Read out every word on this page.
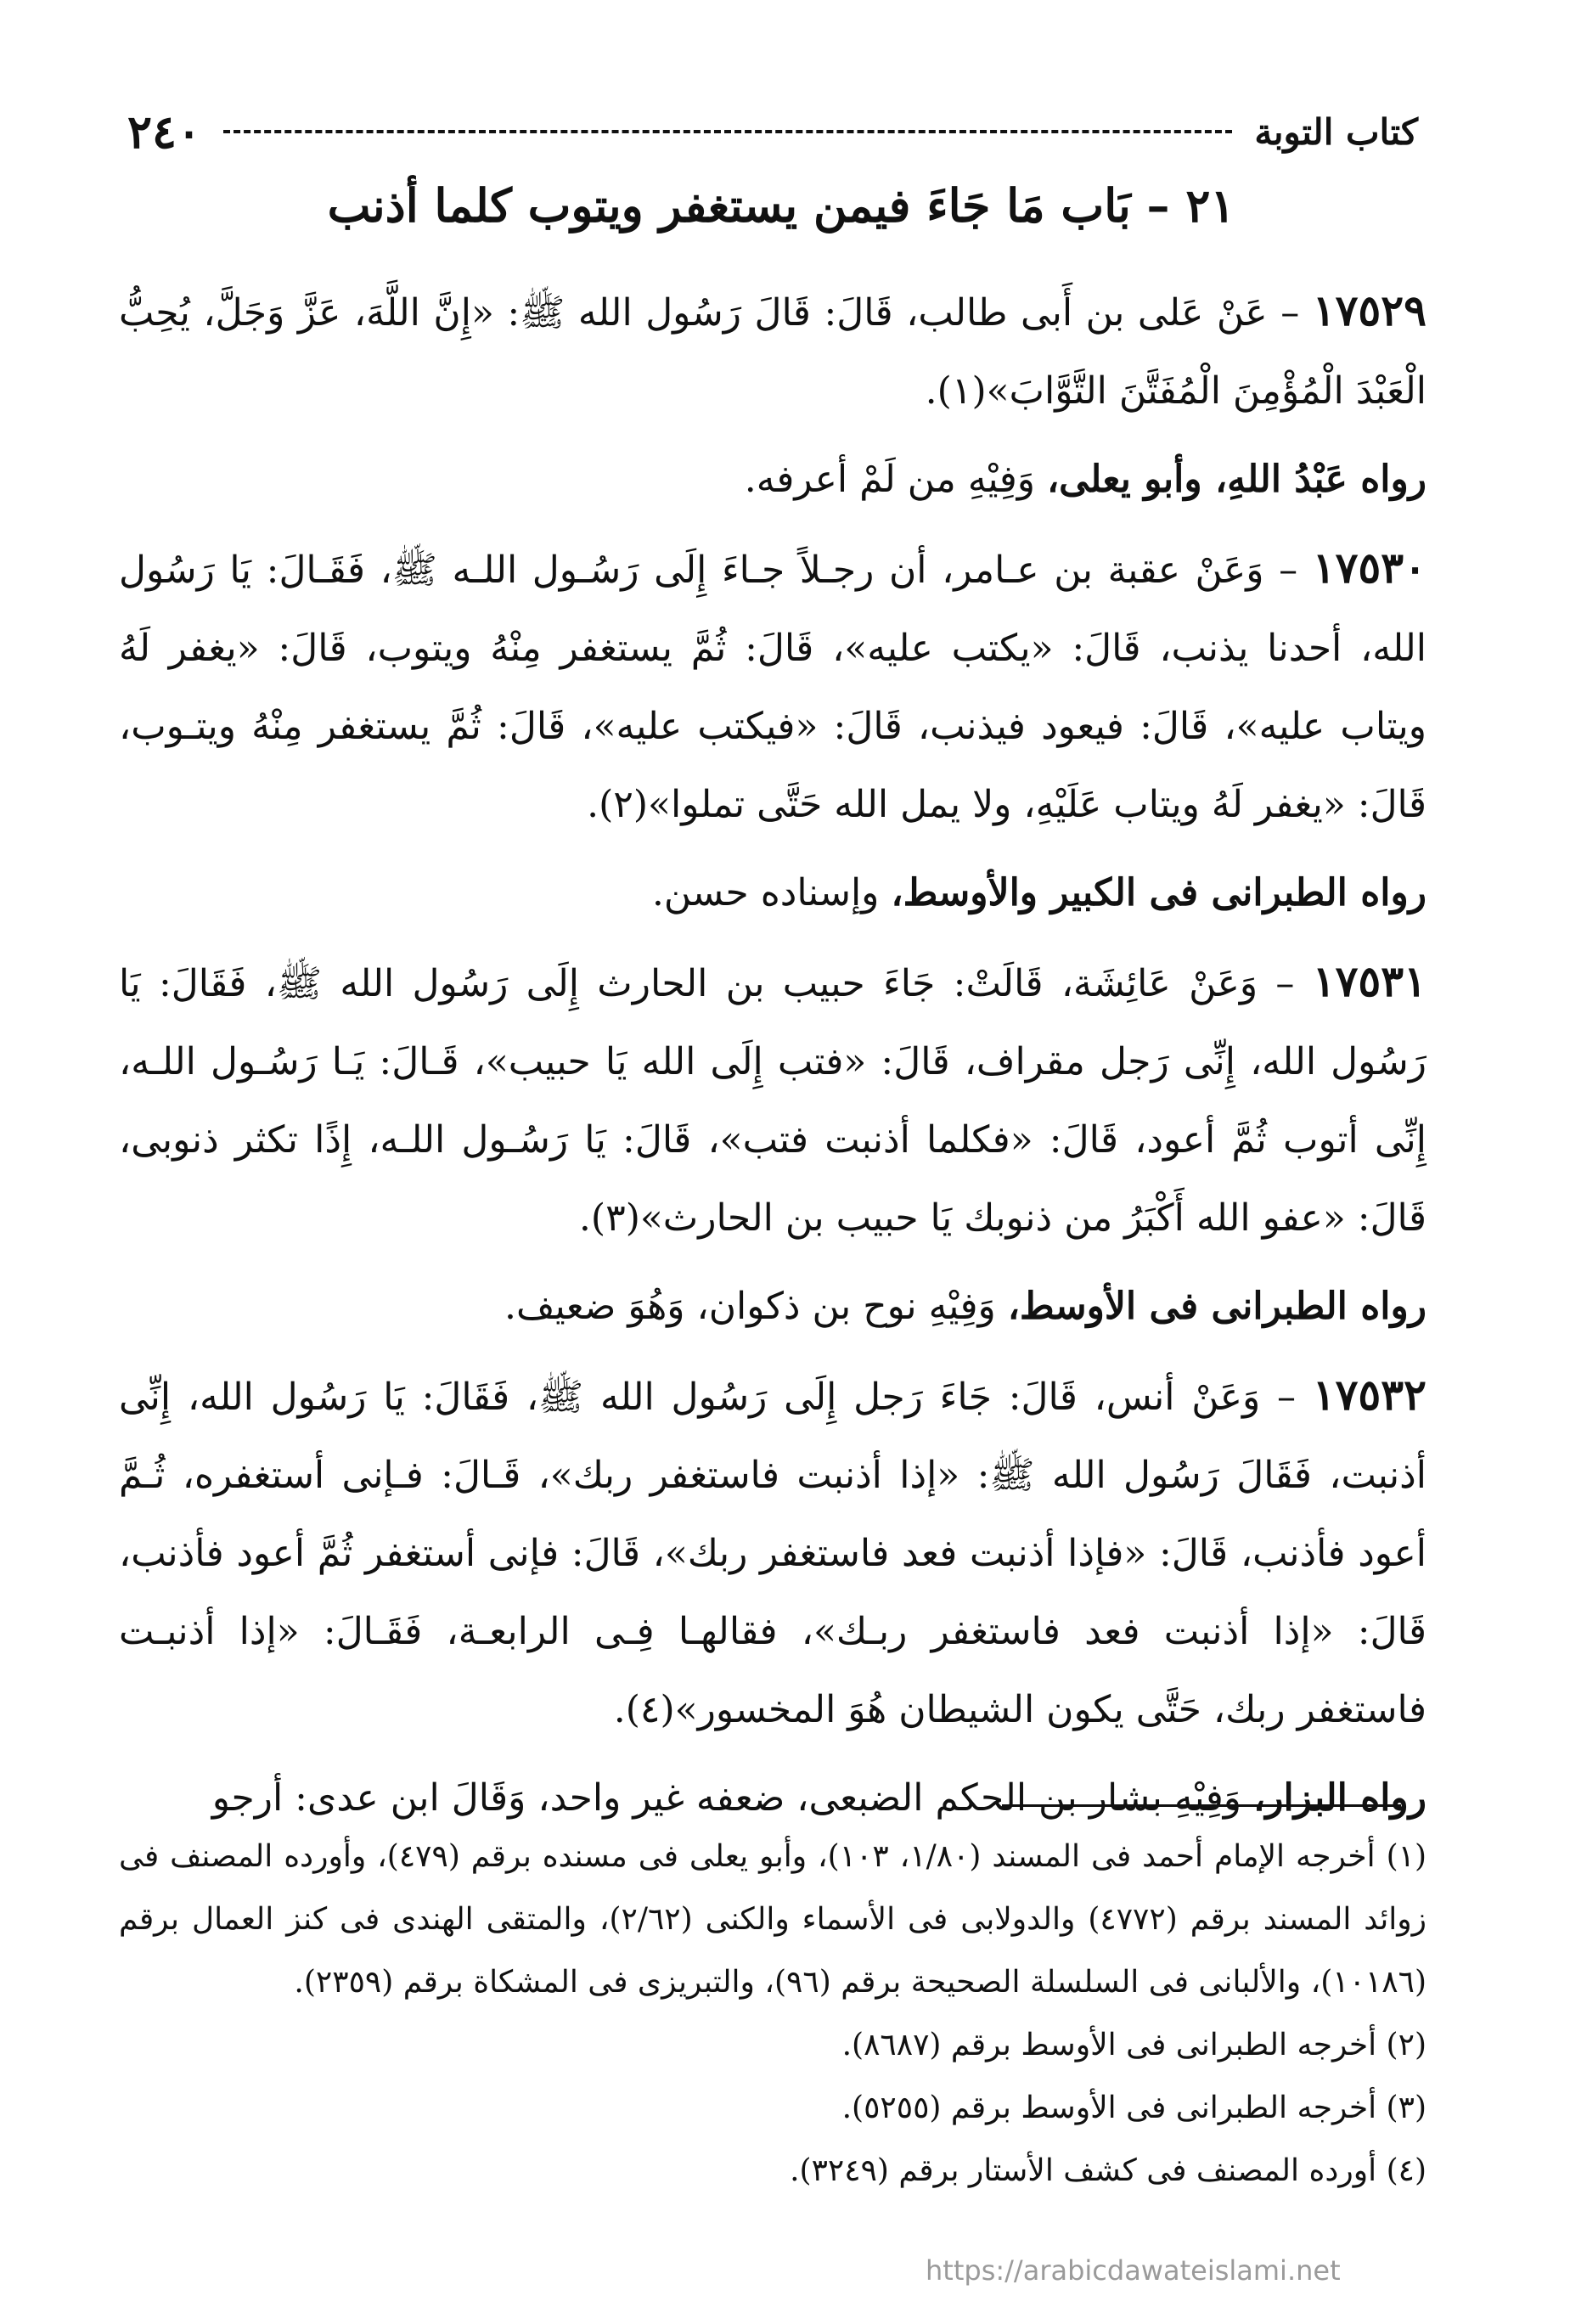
٢٤٠	كتاب التوبة
٢١ – بَاب مَا جَاءَ فيمن يستغفر ويتوب كلما أذنب

١٧٥٢٩ – عَنْ عَلى بن أَبى طالب، قَالَ: قَالَ رَسُول الله ﷺ: «إِنَّ اللَّهَ، عَزَّ وَجَلَّ، يُحِبُّ الْعَبْدَ الْمُؤْمِنَ الْمُفَتَّنَ التَّوَّابَ»(١).

رواه عَبْدُ اللهِ، وأبو يعلى، وَفِيْهِ من لَمْ أعرفه.

١٧٥٣٠ – وَعَنْ عقبة بن عـامر، أن رجـلاً جـاءَ إِلَى رَسُـول اللـه ﷺ، فَقَـالَ: يَا رَسُول الله، أحدنا يذنب، قَالَ: «يكتب عليه»، قَالَ: ثُمَّ يستغفر مِنْهُ ويتوب، قَالَ: «يغفر لَهُ ويتاب عليه»، قَالَ: فيعود فيذنب، قَالَ: «فيكتب عليه»، قَالَ: ثُمَّ يستغفر مِنْهُ ويتـوب، قَالَ: «يغفر لَهُ ويتاب عَلَيْهِ، ولا يمل الله حَتَّى تملوا»(٢).

رواه الطبرانى فى الكبير والأوسط، وإسناده حسن.

١٧٥٣١ – وَعَنْ عَائِشَة، قَالَتْ: جَاءَ حبيب بن الحارث إِلَى رَسُول الله ﷺ، فَقَالَ: يَا رَسُول الله، إِنِّى رَجل مقراف، قَالَ: «فتب إِلَى الله يَا حبيب»، قَـالَ: يَـا رَسُـول اللـه، إِنِّى أتوب ثُمَّ أعود، قَالَ: «فكلما أذنبت فتب»، قَالَ: يَا رَسُـول اللـه، إِذًا تكثر ذنوبى، قَالَ: «عفو الله أَكْبَرُ من ذنوبك يَا حبيب بن الحارث»(٣).

رواه الطبرانى فى الأوسط، وَفِيْهِ نوح بن ذكوان، وَهُوَ ضعيف.

١٧٥٣٢ – وَعَنْ أنس، قَالَ: جَاءَ رَجل إِلَى رَسُول الله ﷺ، فَقَالَ: يَا رَسُول الله، إِنِّى أذنبت، فَقَالَ رَسُول الله ﷺ: «إذا أذنبت فاستغفر ربك»، قَـالَ: فـإنى أستغفره، ثُـمَّ أعود فأذنب، قَالَ: «فإذا أذنبت فعد فاستغفر ربك»، قَالَ: فإنى أستغفر ثُمَّ أعود فأذنب، قَالَ: «إذا أذنبت فعد فاستغفر ربـك»، فقالهـا فِـى الرابعـة، فَقَـالَ: «إذا أذنبـت فاستغفر ربك، حَتَّى يكون الشيطان هُوَ المخسور»(٤).

رواه البزار، وَفِيْهِ بشار بن الحكم الضبعى، ضعفه غير واحد، وَقَالَ ابن عدى: أرجو

(١) أخرجه الإمام أحمد فى المسند (١/٨٠، ١٠٣)، وأبو يعلى فى مسنده برقم (٤٧٩)، وأورده المصنف فى زوائد المسند برقم (٤٧٧٢) والدولابى فى الأسماء والكنى (٢/٦٢)، والمتقى الهندى فى كنز العمال برقم (١٠١٨٦)، والألبانى فى السلسلة الصحيحة برقم (٩٦)، والتبريزى فى المشكاة برقم (٢٣٥٩).

(٢) أخرجه الطبرانى فى الأوسط برقم (٨٦٨٧).

(٣) أخرجه الطبرانى فى الأوسط برقم (٥٢٥٥).

(٤) أورده المصنف فى كشف الأستار برقم (٣٢٤٩).

https://arabicdawateislami.net
